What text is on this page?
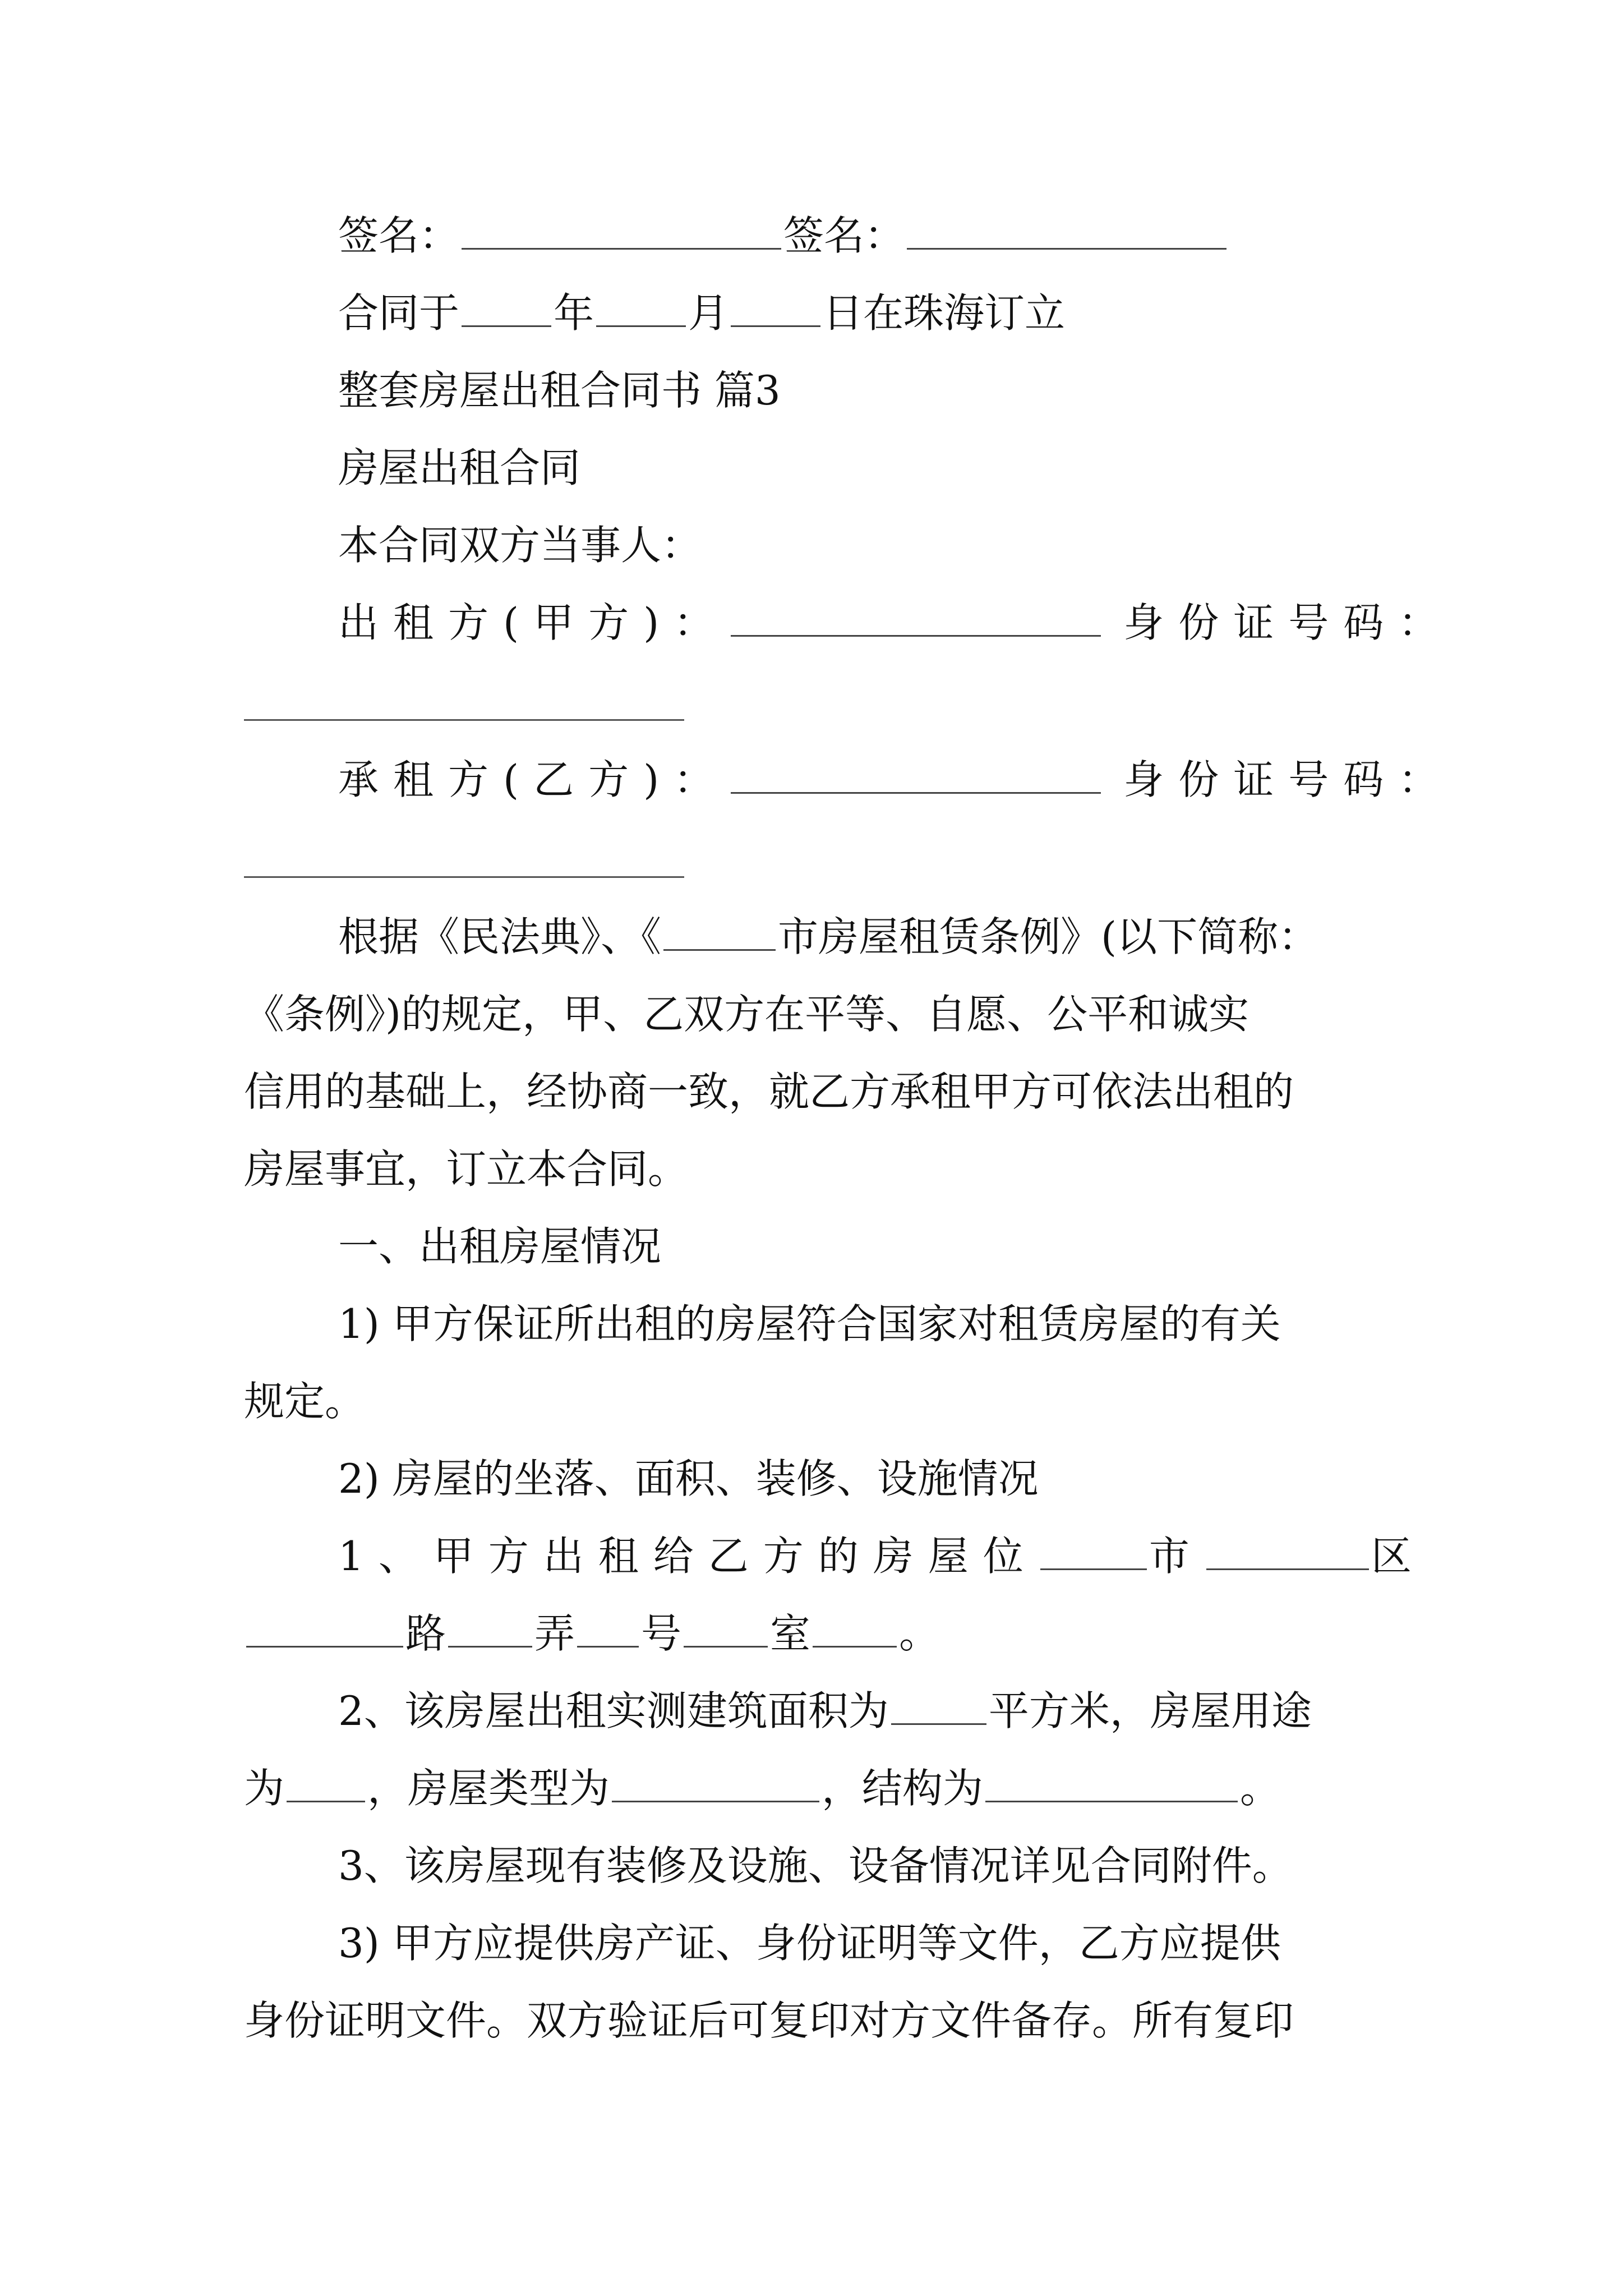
签名：	签名：
合同于 年 月 日在珠海订立
整套房屋出租合同书 篇3
房屋出租合同
本合同双方当事人：
出租方(甲方)：	身份证号码：
承租方(乙方)：	身份证号码：
根据《民法典》、《	市房屋租赁条例》(以下简称：
《条例》)的规定，甲、乙双方在平等、自愿、公平和诚实
信用的基础上，经协商一致，就乙方承租甲方可依法出租的
房屋事宜，订立本合同。
一、出租房屋情况
1) 甲方保证所出租的房屋符合国家对租赁房屋的有关
规定。
2) 房屋的坐落、面积、装修、设施情况
1、甲方出租给乙方的房屋位	市	区
路 弄 号 室 。
2、该房屋出租实测建筑面积为 平方米，房屋用途
为 ，房屋类型为	，结构为	。
3、该房屋现有装修及设施、设备情况详见合同附件。
3) 甲方应提供房产证、身份证明等文件，乙方应提供
身份证明文件。双方验证后可复印对方文件备存。所有复印
